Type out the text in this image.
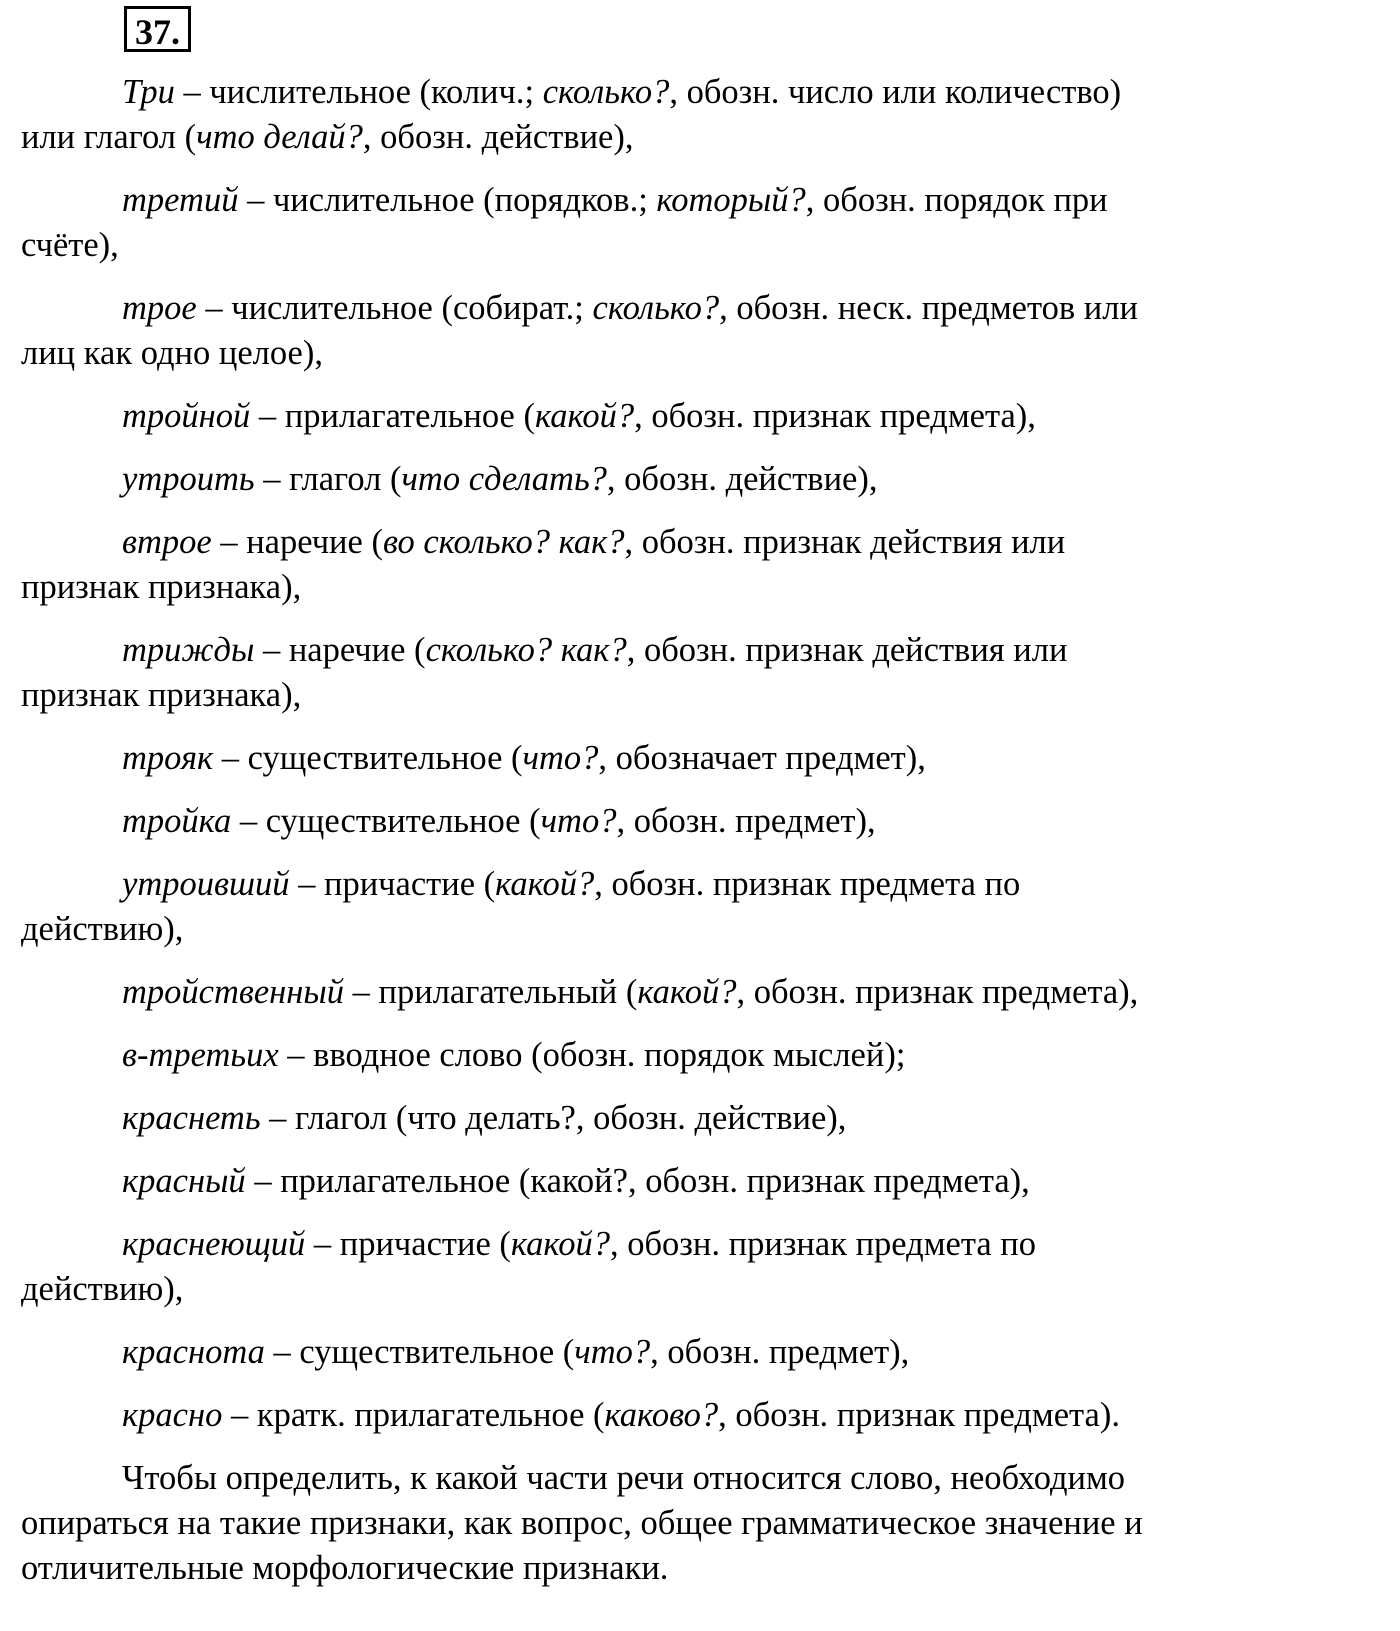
37.
Три – числительное (колич.; сколько?, обозн. число или количество)
или глагол (что делай?, обозн. действие),
третий – числительное (порядков.; который?, обозн. порядок при
счёте),
трое – числительное (собират.; сколько?, обозн. неск. предметов или
лиц как одно целое),
тройной – прилагательное (какой?, обозн. признак предмета),
утроить – глагол (что сделать?, обозн. действие),
втрое – наречие (во сколько? как?, обозн. признак действия или
признак признака),
трижды – наречие (сколько? как?, обозн. признак действия или
признак признака),
трояк – существительное (что?, обозначает предмет),
тройка – существительное (что?, обозн. предмет),
утроивший – причастие (какой?, обозн. признак предмета по
действию),
тройственный – прилагательный (какой?, обозн. признак предмета),
в-третьих – вводное слово (обозн. порядок мыслей);
краснеть – глагол (что делать?, обозн. действие),
красный – прилагательное (какой?, обозн. признак предмета),
краснеющий – причастие (какой?, обозн. признак предмета по
действию),
краснота – существительное (что?, обозн. предмет),
красно – кратк. прилагательное (каково?, обозн. признак предмета).
Чтобы определить, к какой части речи относится слово, необходимо
опираться на такие признаки, как вопрос, общее грамматическое значение и
отличительные морфологические признаки.
